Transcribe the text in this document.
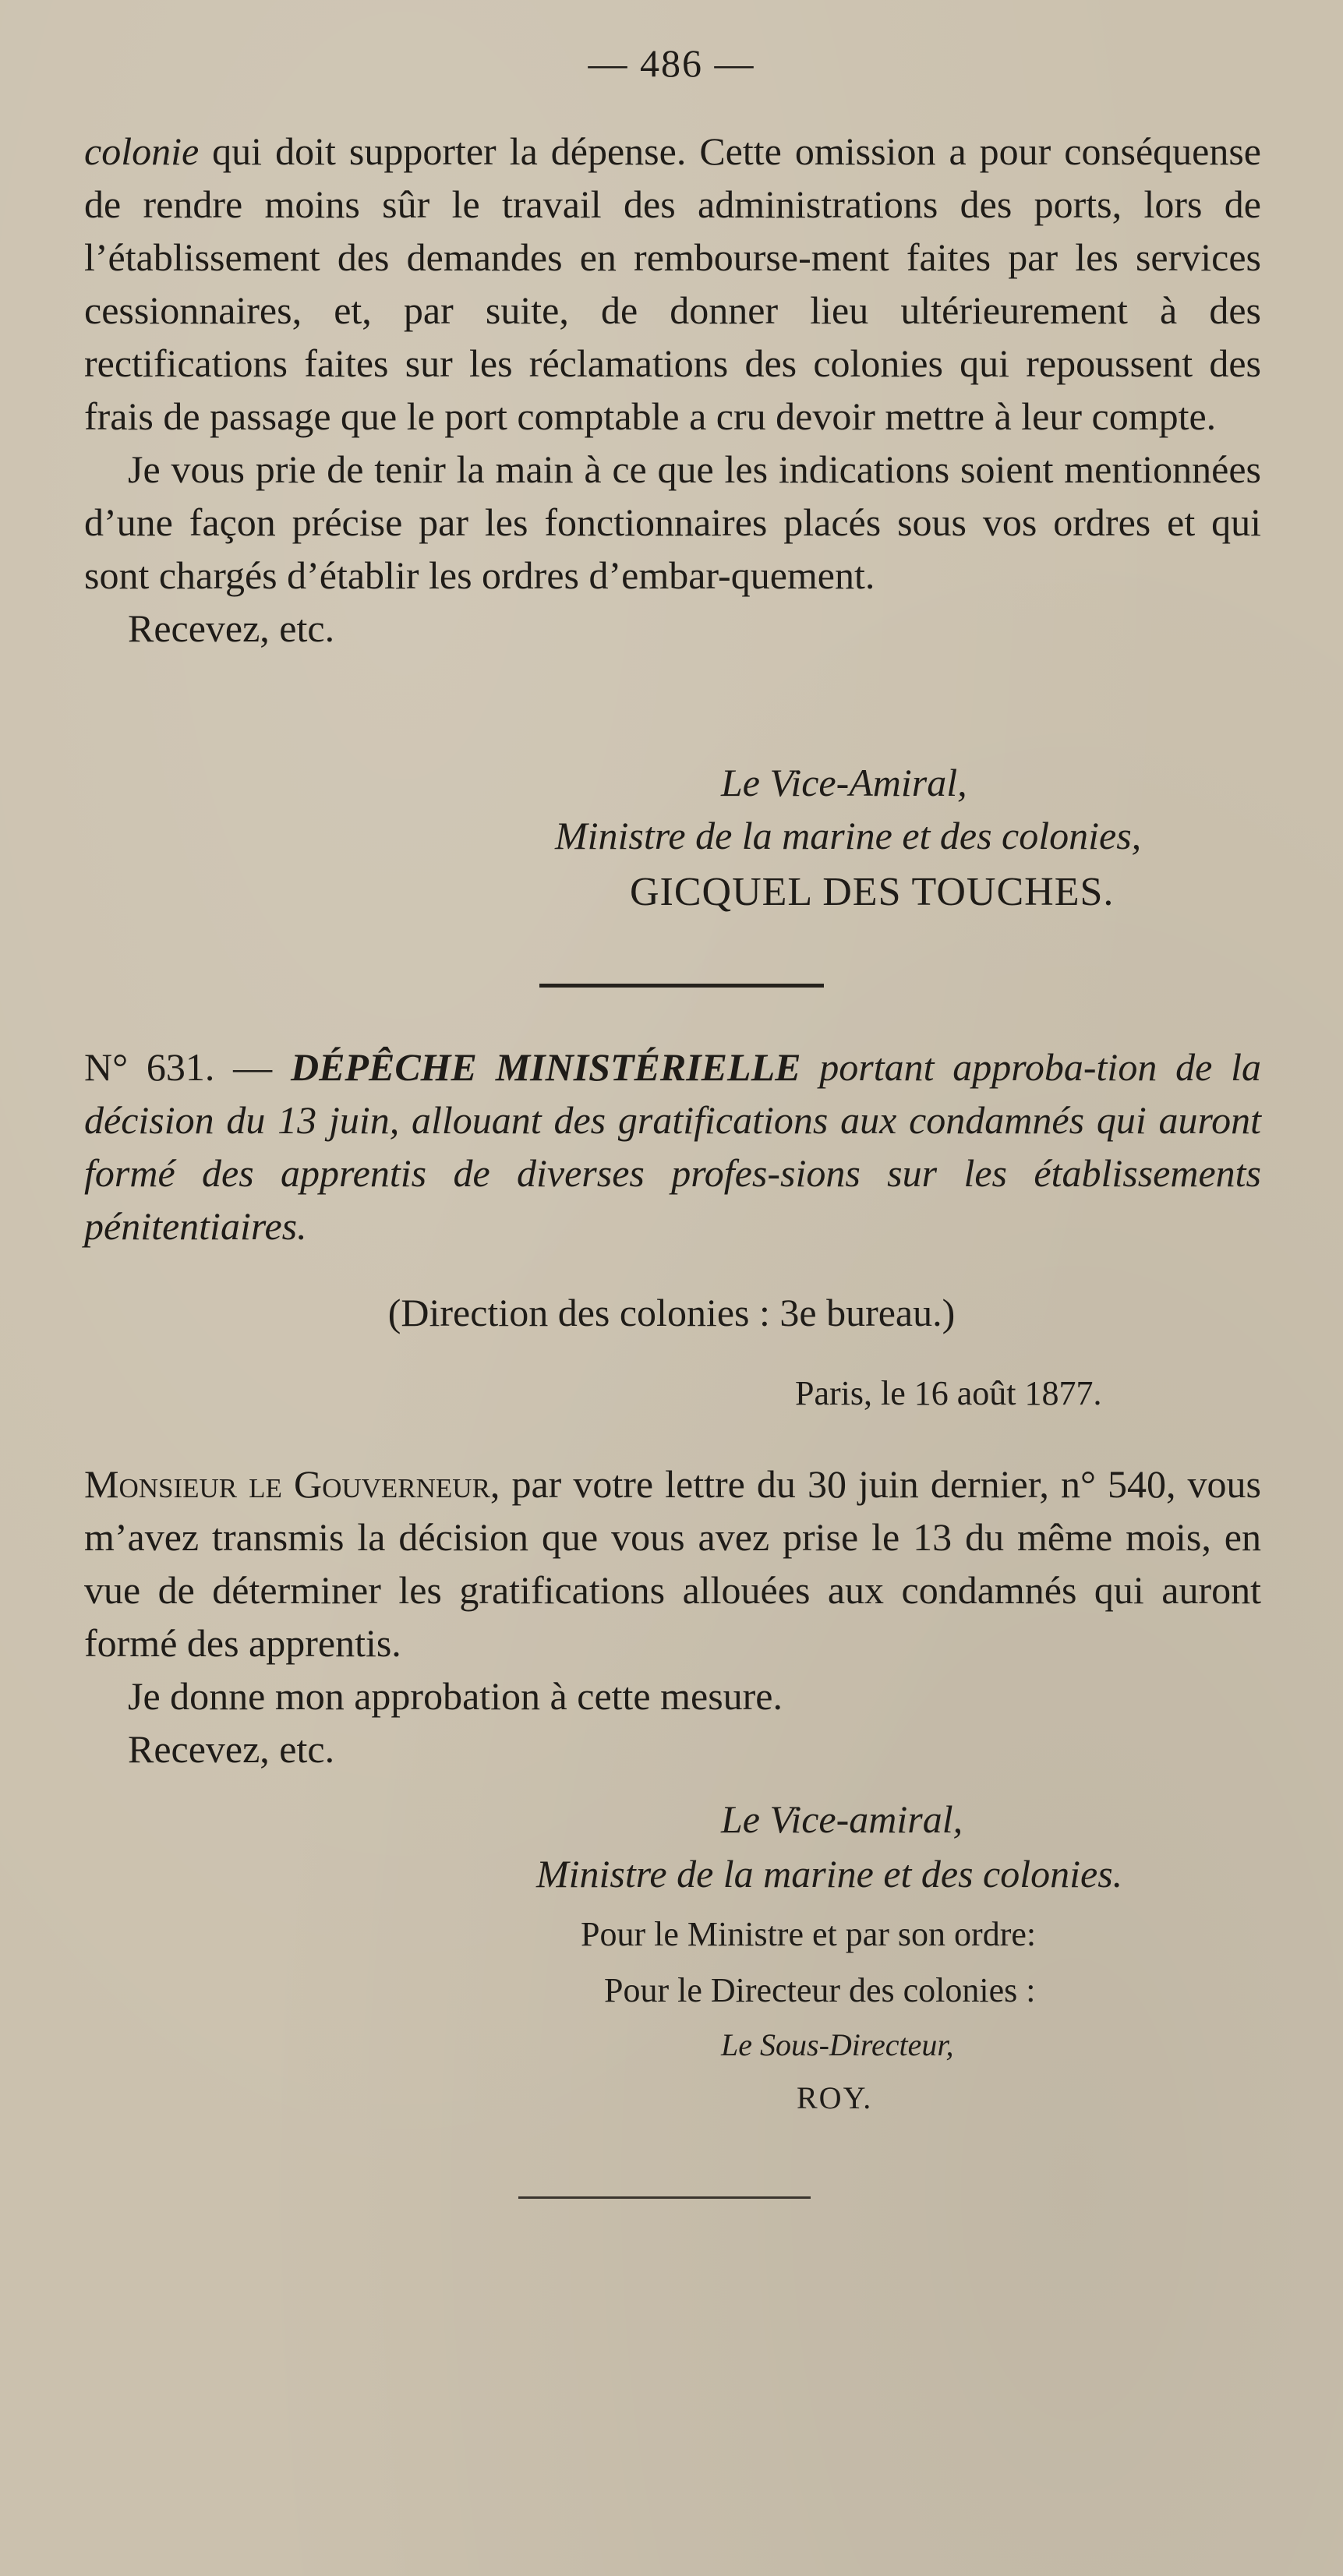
— 486 —

colonie qui doit supporter la dépense. Cette omission a pour conséquense de rendre moins sûr le travail des administrations des ports, lors de l’établissement des demandes en rembourse-ment faites par les services cessionnaires, et, par suite, de donner lieu ultérieurement à des rectifications faites sur les réclamations des colonies qui repoussent des frais de passage que le port comptable a cru devoir mettre à leur compte.

Je vous prie de tenir la main à ce que les indications soient mentionnées d’une façon précise par les fonctionnaires placés sous vos ordres et qui sont chargés d’établir les ordres d’embar-quement.

Recevez, etc.

Le Vice-Amiral,
Ministre de la marine et des colonies,
GICQUEL DES TOUCHES.

N° 631. — DÉPÊCHE MINISTÉRIELLE portant approba-tion de la décision du 13 juin, allouant des gratifications aux condamnés qui auront formé des apprentis de diverses profes-sions sur les établissements pénitentiaires.

(Direction des colonies : 3e bureau.)
Paris, le 16 août 1877.

Monsieur le Gouverneur, par votre lettre du 30 juin dernier, n° 540, vous m’avez transmis la décision que vous avez prise le 13 du même mois, en vue de déterminer les gratifications allouées aux condamnés qui auront formé des apprentis.

Je donne mon approbation à cette mesure.

Recevez, etc.

Le Vice-amiral,
Ministre de la marine et des colonies.
Pour le Ministre et par son ordre:
Pour le Directeur des colonies :
Le Sous-Directeur,
ROY.
